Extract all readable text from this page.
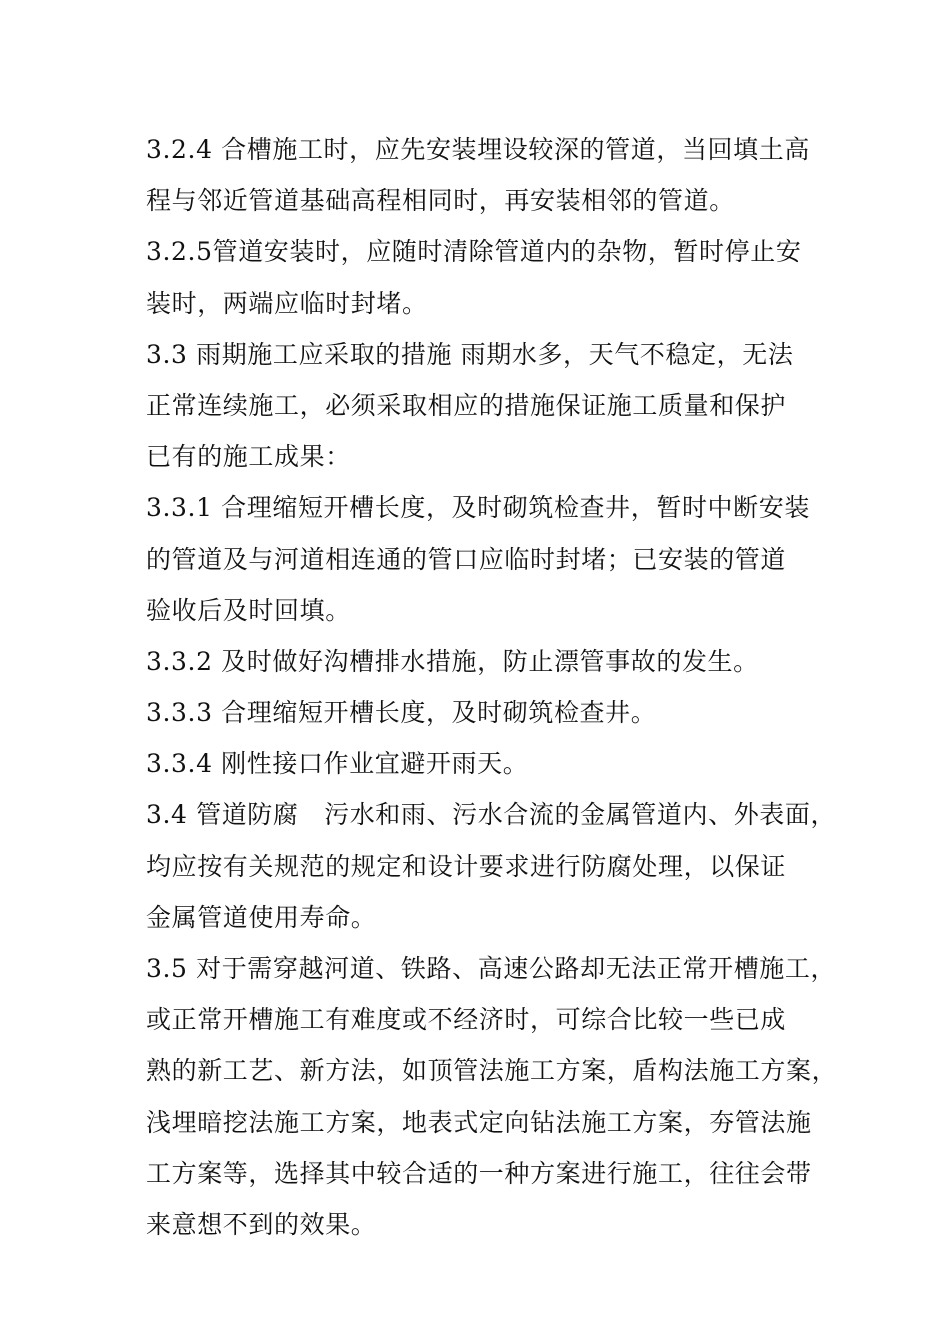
3.2.4 合槽施工时，应先安装埋设较深的管道，当回填土高
程与邻近管道基础高程相同时，再安装相邻的管道。
3.2.5管道安装时，应随时清除管道内的杂物，暂时停止安
装时，两端应临时封堵。
3.3 雨期施工应采取的措施 雨期水多，天气不稳定，无法
正常连续施工，必须采取相应的措施保证施工质量和保护
已有的施工成果：
3.3.1 合理缩短开槽长度，及时砌筑检查井，暂时中断安装
的管道及与河道相连通的管口应临时封堵；已安装的管道
验收后及时回填。
3.3.2 及时做好沟槽排水措施，防止漂管事故的发生。
3.3.3 合理缩短开槽长度，及时砌筑检查井。
3.3.4 刚性接口作业宜避开雨天。
3.4 管道防腐　污水和雨、污水合流的金属管道内、外表面，
均应按有关规范的规定和设计要求进行防腐处理，以保证
金属管道使用寿命。
3.5 对于需穿越河道、铁路、高速公路却无法正常开槽施工，
或正常开槽施工有难度或不经济时，可综合比较一些已成
熟的新工艺、新方法，如顶管法施工方案，盾构法施工方案，
浅埋暗挖法施工方案，地表式定向钻法施工方案，夯管法施
工方案等，选择其中较合适的一种方案进行施工，往往会带
来意想不到的效果。
